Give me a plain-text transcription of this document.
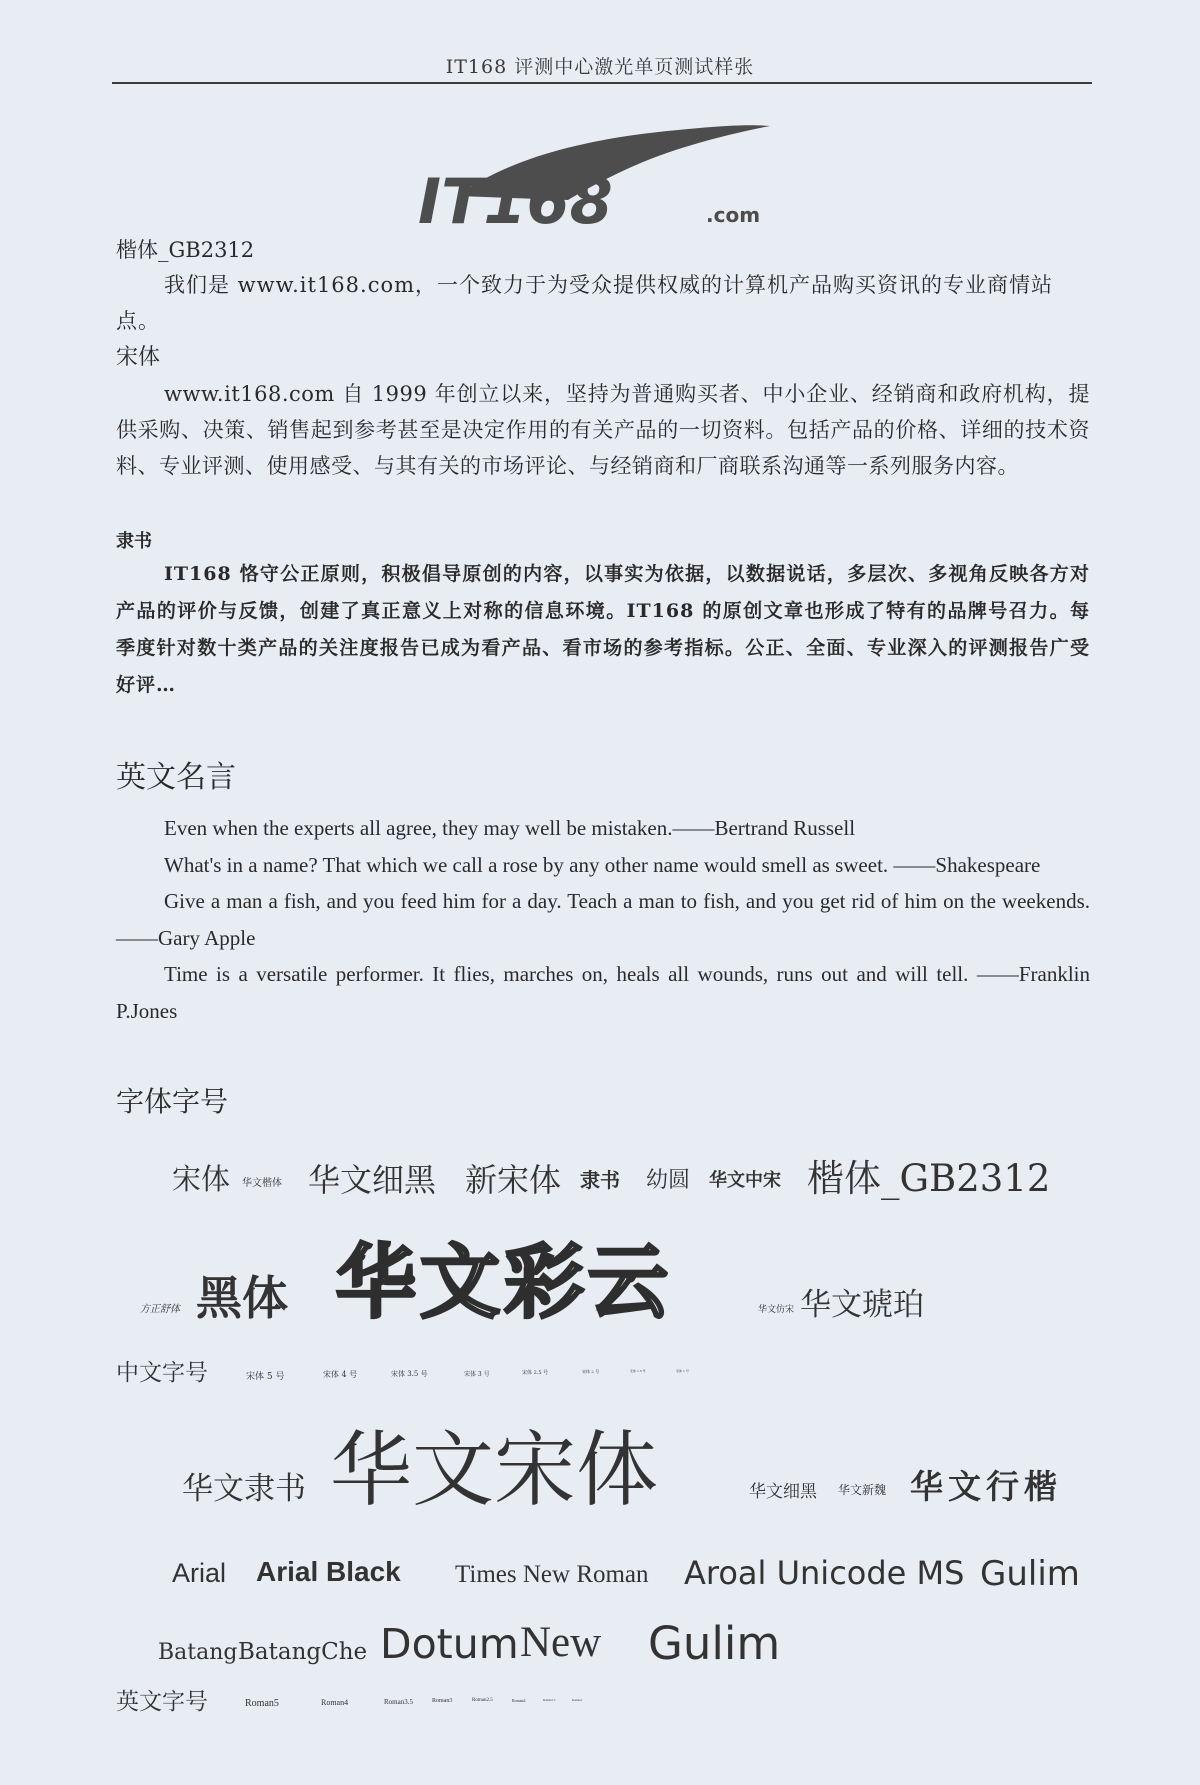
IT168 评测中心激光单页测试样张
IT168	.com
楷体_GB2312
我们是 www.it168.com，一个致力于为受众提供权威的计算机产品购买资讯的专业商情站点。
宋体
www.it168.com 自 1999 年创立以来，坚持为普通购买者、中小企业、经销商和政府机构，提供采购、决策、销售起到参考甚至是决定作用的有关产品的一切资料。包括产品的价格、详细的技术资料、专业评测、使用感受、与其有关的市场评论、与经销商和厂商联系沟通等一系列服务内容。
隶书
IT168 恪守公正原则，积极倡导原创的内容，以事实为依据，以数据说话，多层次、多视角反映各方对产品的评价与反馈，创建了真正意义上对称的信息环境。IT168 的原创文章也形成了特有的品牌号召力。每季度针对数十类产品的关注度报告已成为看产品、看市场的参考指标。公正、全面、专业深入的评测报告广受好评…
英文名言

Even when the experts all agree, they may well be mistaken.——Bertrand Russell

What's in a name? That which we call a rose by any other name would smell as sweet. ——Shakespeare

Give a man a fish, and you feed him for a day. Teach a man to fish, and you get rid of him on the weekends. ——Gary Apple

Time is a versatile performer. It flies, marches on, heals all wounds, runs out and will tell. ——Franklin P.Jones

字体字号
宋体 华文楷体 华文细黑 新宋体 隶书 幼圆 华文中宋 楷体_GB2312
方正舒体 黑体 华文彩云	华文仿宋 华文琥珀
中文字号	宋体 5 号	宋体 4 号	宋体 3.5 号	宋体 3 号	宋体 2.5 号	宋体 2 号	宋体 1.5 号	宋体 1 号
华文隶书 华文宋体	华文细黑 华文新魏 华文行楷
Arial Arial Black Times New Roman Aroal Unicode MS Gulim
Batang BatangChe Dotum New Gulim
英文字号	Roman5	Roman4	Roman3.5	Roman3	Roman2.5	Roman2	Roman1.5	Roman1
